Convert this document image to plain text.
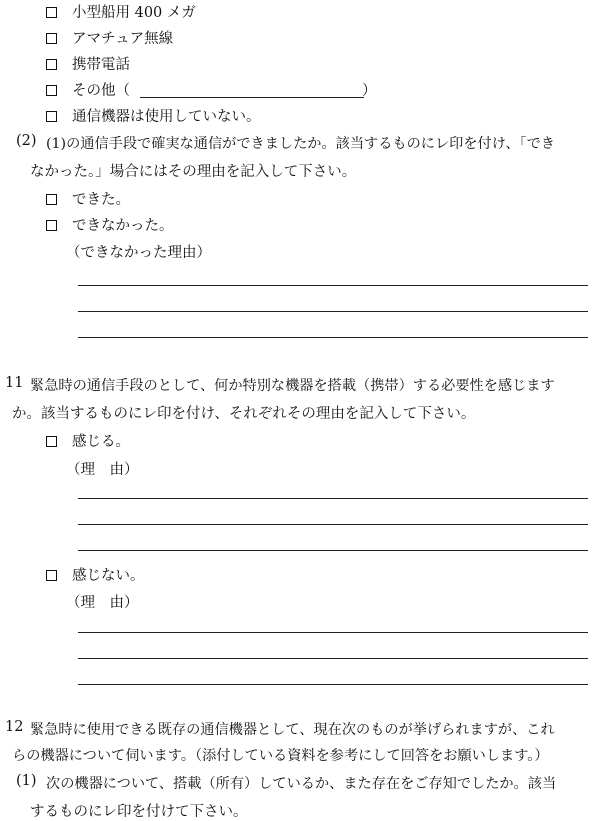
小型船用 400 メガ
アマチュア無線
携帯電話
その他（	）
通信機器は使用していない。
(2) (1)の通信手段で確実な通信ができましたか。該当するものにレ印を付け、「でき
なかった。」場合にはその理由を記入して下さい。
できた。
できなかった。
（できなかった理由）
11 緊急時の通信手段のとして、何か特別な機器を搭載（携帯）する必要性を感じます
か。該当するものにレ印を付け、それぞれその理由を記入して下さい。
感じる。
（理　由）
感じない。
（理　由）
12 緊急時に使用できる既存の通信機器として、現在次のものが挙げられますが、これ
らの機器について伺います。（添付している資料を参考にして回答をお願いします。）
(1) 次の機器について、搭載（所有）しているか、また存在をご存知でしたか。該当
するものにレ印を付けて下さい。
